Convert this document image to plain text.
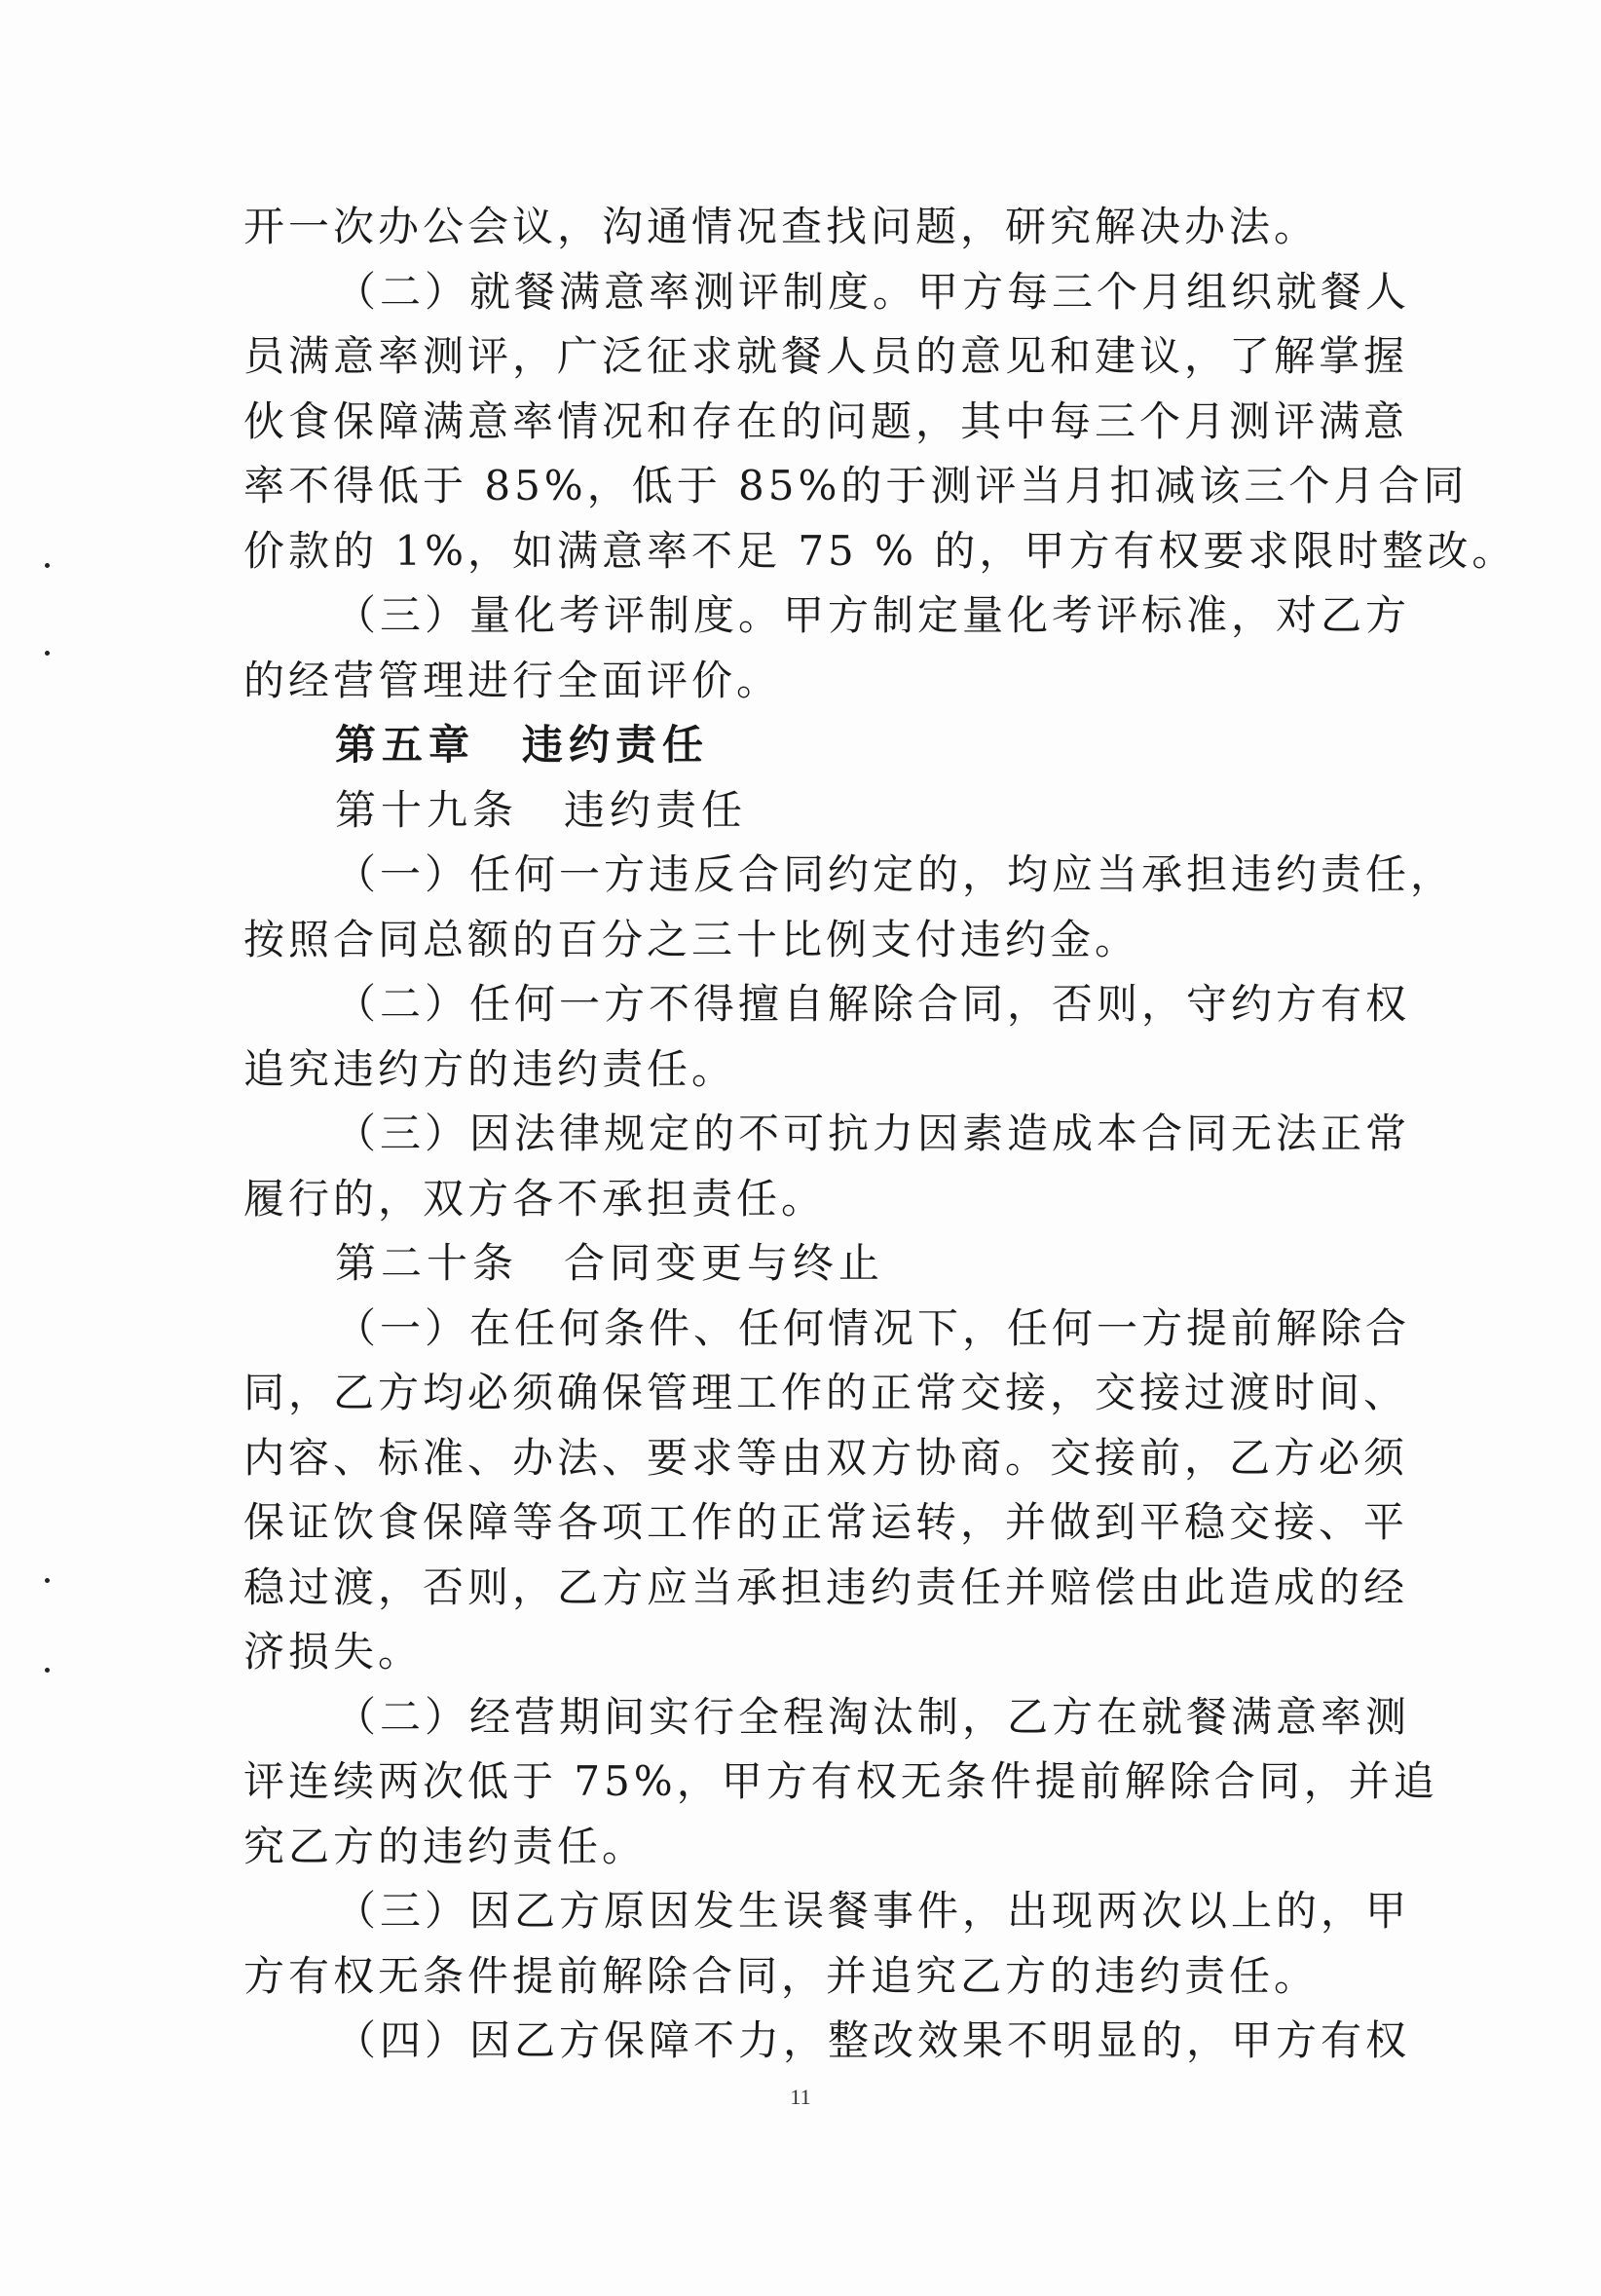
开一次办公会议，沟通情况查找问题，研究解决办法。
（二）就餐满意率测评制度。甲方每三个月组织就餐人
员满意率测评，广泛征求就餐人员的意见和建议，了解掌握
伙食保障满意率情况和存在的问题，其中每三个月测评满意
率不得低于 85%，低于 85%的于测评当月扣减该三个月合同
价款的 1%，如满意率不足 75 % 的，甲方有权要求限时整改。
（三）量化考评制度。甲方制定量化考评标准，对乙方
的经营管理进行全面评价。
第五章　违约责任
第十九条　违约责任
（一）任何一方违反合同约定的，均应当承担违约责任，
按照合同总额的百分之三十比例支付违约金。
（二）任何一方不得擅自解除合同，否则，守约方有权
追究违约方的违约责任。
（三）因法律规定的不可抗力因素造成本合同无法正常
履行的，双方各不承担责任。
第二十条　合同变更与终止
（一）在任何条件、任何情况下，任何一方提前解除合
同，乙方均必须确保管理工作的正常交接，交接过渡时间、
内容、标准、办法、要求等由双方协商。交接前，乙方必须
保证饮食保障等各项工作的正常运转，并做到平稳交接、平
稳过渡，否则，乙方应当承担违约责任并赔偿由此造成的经
济损失。
（二）经营期间实行全程淘汰制，乙方在就餐满意率测
评连续两次低于 75%，甲方有权无条件提前解除合同，并追
究乙方的违约责任。
（三）因乙方原因发生误餐事件，出现两次以上的，甲
方有权无条件提前解除合同，并追究乙方的违约责任。
（四）因乙方保障不力，整改效果不明显的，甲方有权
11
